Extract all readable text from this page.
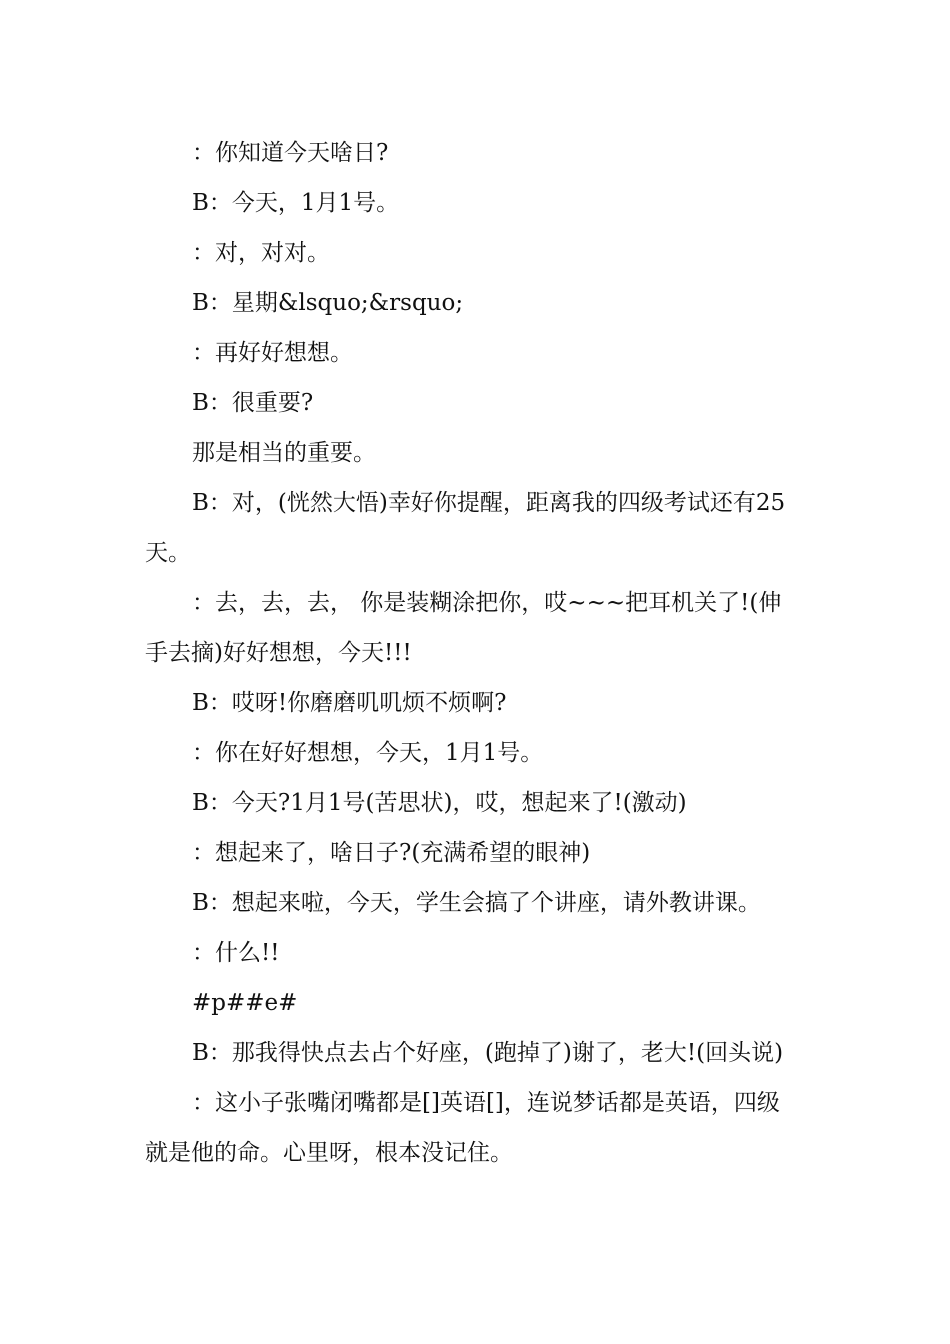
：你知道今天啥日?

B：今天，1月1号。

：对，对对。

B：星期&lsquo;&rsquo;

：再好好想想。

B：很重要?

那是相当的重要。

B：对，(恍然大悟)幸好你提醒，距离我的四级考试还有25天。

：去，去，去， 你是装糊涂把你，哎~~~把耳机关了!(伸手去摘)好好想想，今天!!!

B：哎呀!你磨磨叽叽烦不烦啊?

：你在好好想想，今天，1月1号。

B：今天?1月1号(苦思状)，哎，想起来了!(激动)

：想起来了，啥日子?(充满希望的眼神)

B：想起来啦，今天，学生会搞了个讲座，请外教讲课。

：什么!!

#p##e#

B：那我得快点去占个好座，(跑掉了)谢了，老大!(回头说)

：这小子张嘴闭嘴都是[]英语[]，连说梦话都是英语，四级就是他的命。心里呀，根本没记住。
